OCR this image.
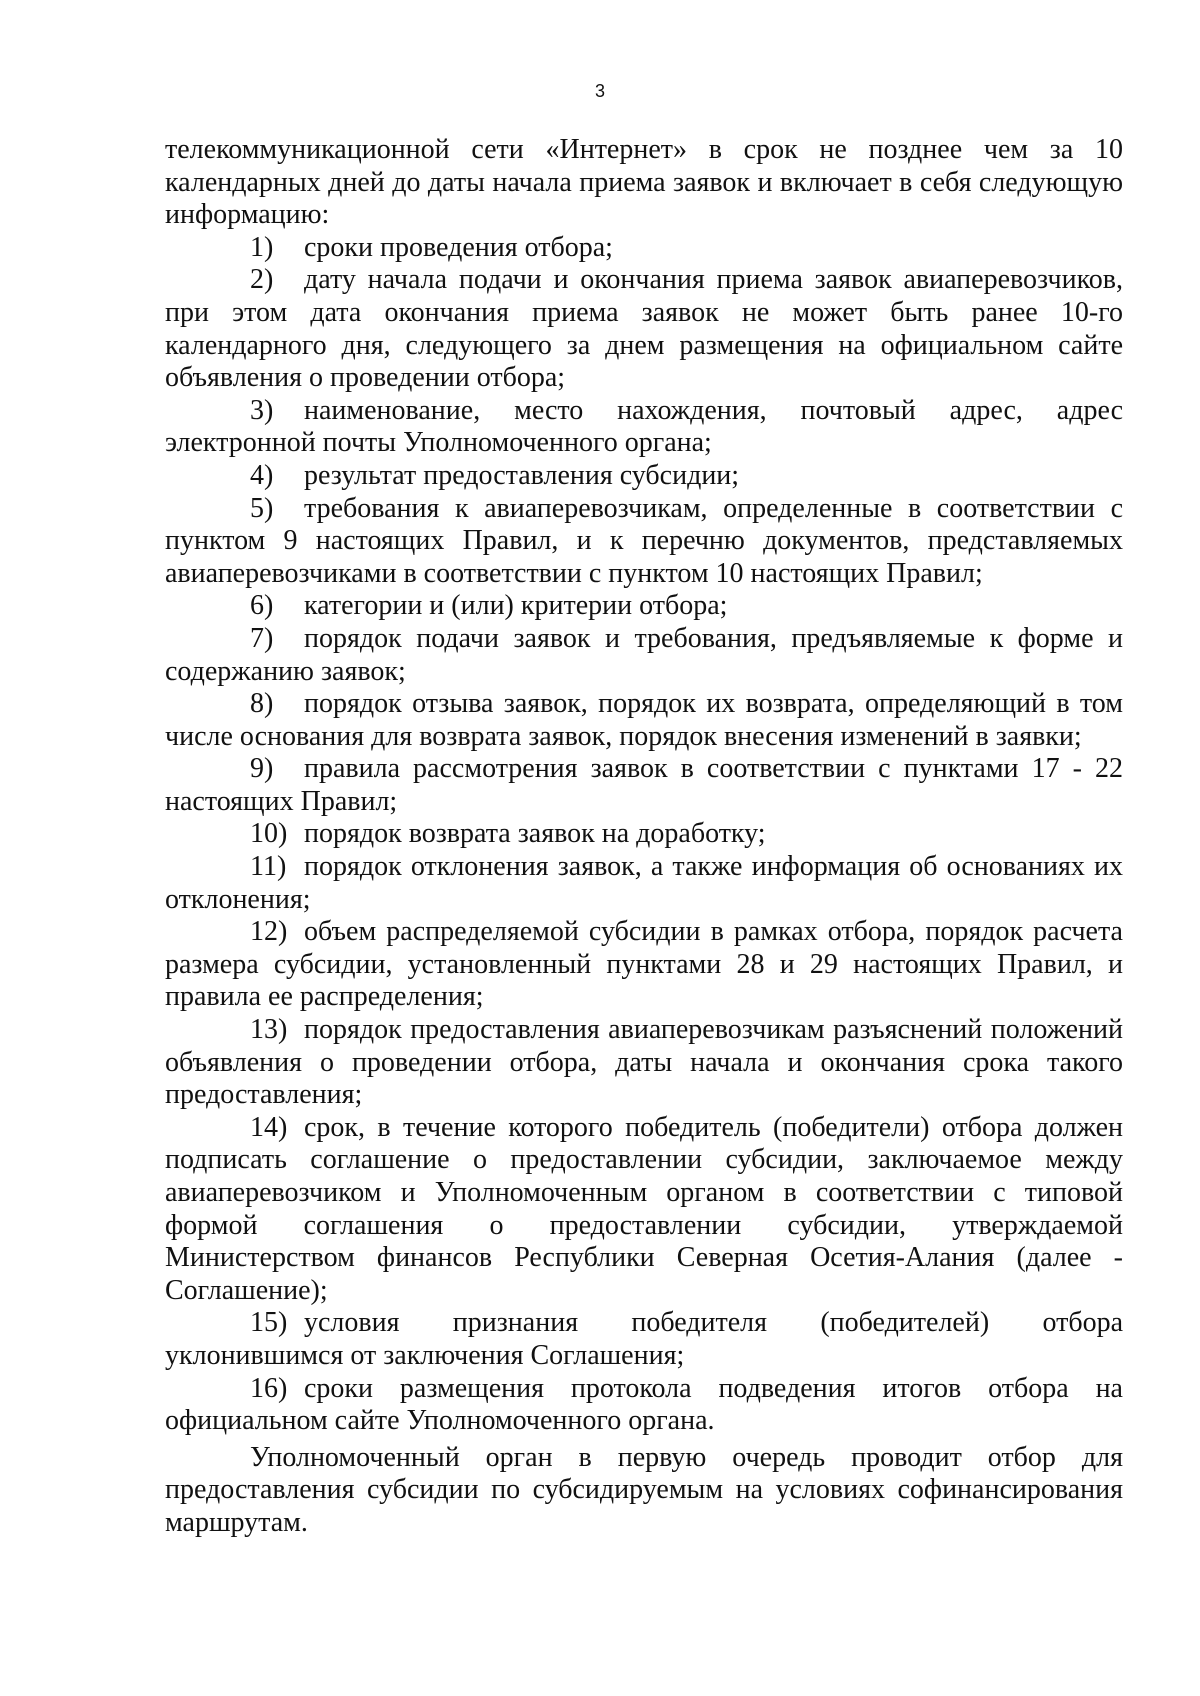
3

телекоммуникационной сети «Интернет» в срок не позднее чем за 10 календарных дней до даты начала приема заявок и включает в себя следующую информацию:

1) сроки проведения отбора;

2) дату начала подачи и окончания приема заявок авиаперевозчиков, при этом дата окончания приема заявок не может быть ранее 10-го календарного дня, следующего за днем размещения на официальном сайте объявления о проведении отбора;

3) наименование, место нахождения, почтовый адрес, адрес электронной почты Уполномоченного органа;

4) результат предоставления субсидии;

5) требования к авиаперевозчикам, определенные в соответствии с пунктом 9 настоящих Правил, и к перечню документов, представляемых авиаперевозчиками в соответствии с пунктом 10 настоящих Правил;

6) категории и (или) критерии отбора;

7) порядок подачи заявок и требования, предъявляемые к форме и содержанию заявок;

8) порядок отзыва заявок, порядок их возврата, определяющий в том числе основания для возврата заявок, порядок внесения изменений в заявки;

9) правила рассмотрения заявок в соответствии с пунктами 17 - 22 настоящих Правил;

10) порядок возврата заявок на доработку;

11) порядок отклонения заявок, а также информация об основаниях их отклонения;

12) объем распределяемой субсидии в рамках отбора, порядок расчета размера субсидии, установленный пунктами 28 и 29 настоящих Правил, и правила ее распределения;

13) порядок предоставления авиаперевозчикам разъяснений положений объявления о проведении отбора, даты начала и окончания срока такого предоставления;

14) срок, в течение которого победитель (победители) отбора должен подписать соглашение о предоставлении субсидии, заключаемое между авиаперевозчиком и Уполномоченным органом в соответствии с типовой формой соглашения о предоставлении субсидии, утверждаемой Министерством финансов Республики Северная Осетия-Алания (далее - Соглашение);

15) условия признания победителя (победителей) отбора уклонившимся от заключения Соглашения;

16) сроки размещения протокола подведения итогов отбора на официальном сайте Уполномоченного органа.

Уполномоченный орган в первую очередь проводит отбор для предоставления субсидии по субсидируемым на условиях софинансирования маршрутам.
